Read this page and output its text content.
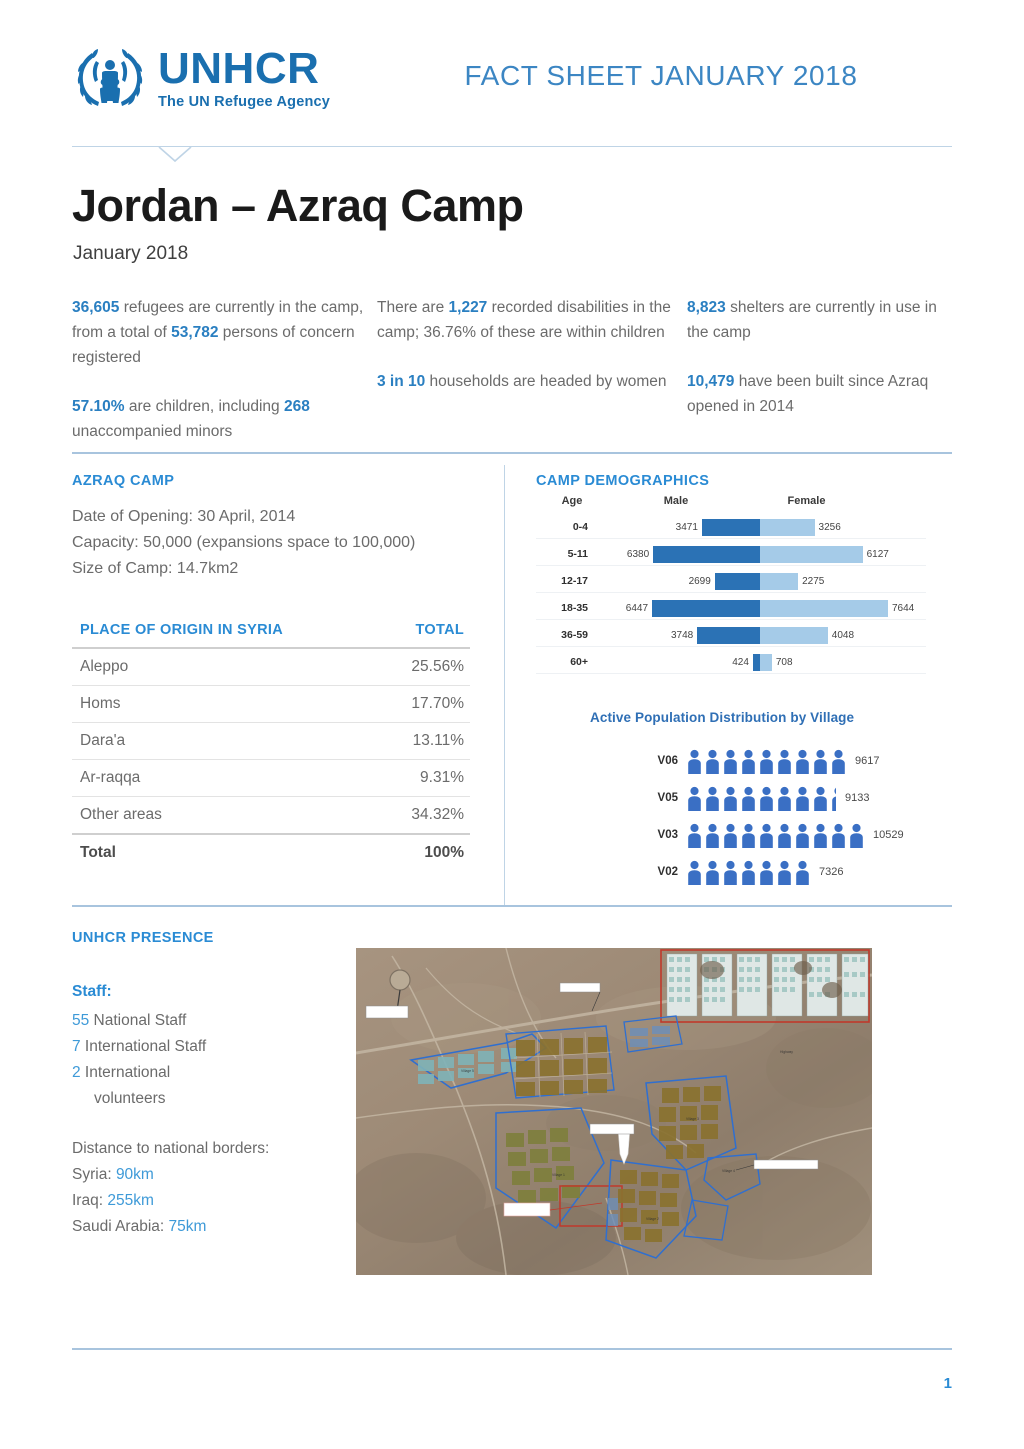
UNHCR
The UN Refugee Agency
FACT SHEET JANUARY 2018
Jordan – Azraq Camp
January 2018

36,605 refugees are currently in the camp, from a total of 53,782 persons of concern registered

57.10% are children, including 268 unaccompanied minors

There are 1,227 recorded disabilities in the camp; 36.76% of these are within children

3 in 10 households are headed by women

8,823 shelters are currently in use in the camp

10,479 have been built since Azraq opened in 2014

AZRAQ CAMP
Date of Opening: 30 April, 2014
Capacity: 50,000 (expansions space to 100,000)
Size of Camp: 14.7km2
PLACE OF ORIGIN IN SYRIA	TOTAL
Aleppo	25.56%
Homs	17.70%
Dara'a	13.11%
Ar-raqqa	9.31%
Other areas	34.32%
Total	100%
CAMP DEMOGRAPHICS
Age	Male	Female
0-4	3471	3256
5-11	6380	6127
12-17	2699	2275
18-35	6447	7644
36-59	3748	4048
60+	424	708
Active Population Distribution by Village
V06	9617
V05	9133
V03	10529
V02	7326
UNHCR PRESENCE
Staff:
55 National Staff
7 International Staff
2 International
volunteers
Distance to national borders:
Syria: 90km
Iraq: 255km
Saudi Arabia: 75km
Village 5
Village 3
Village 1
Village 2
Village 4
Highway
1
